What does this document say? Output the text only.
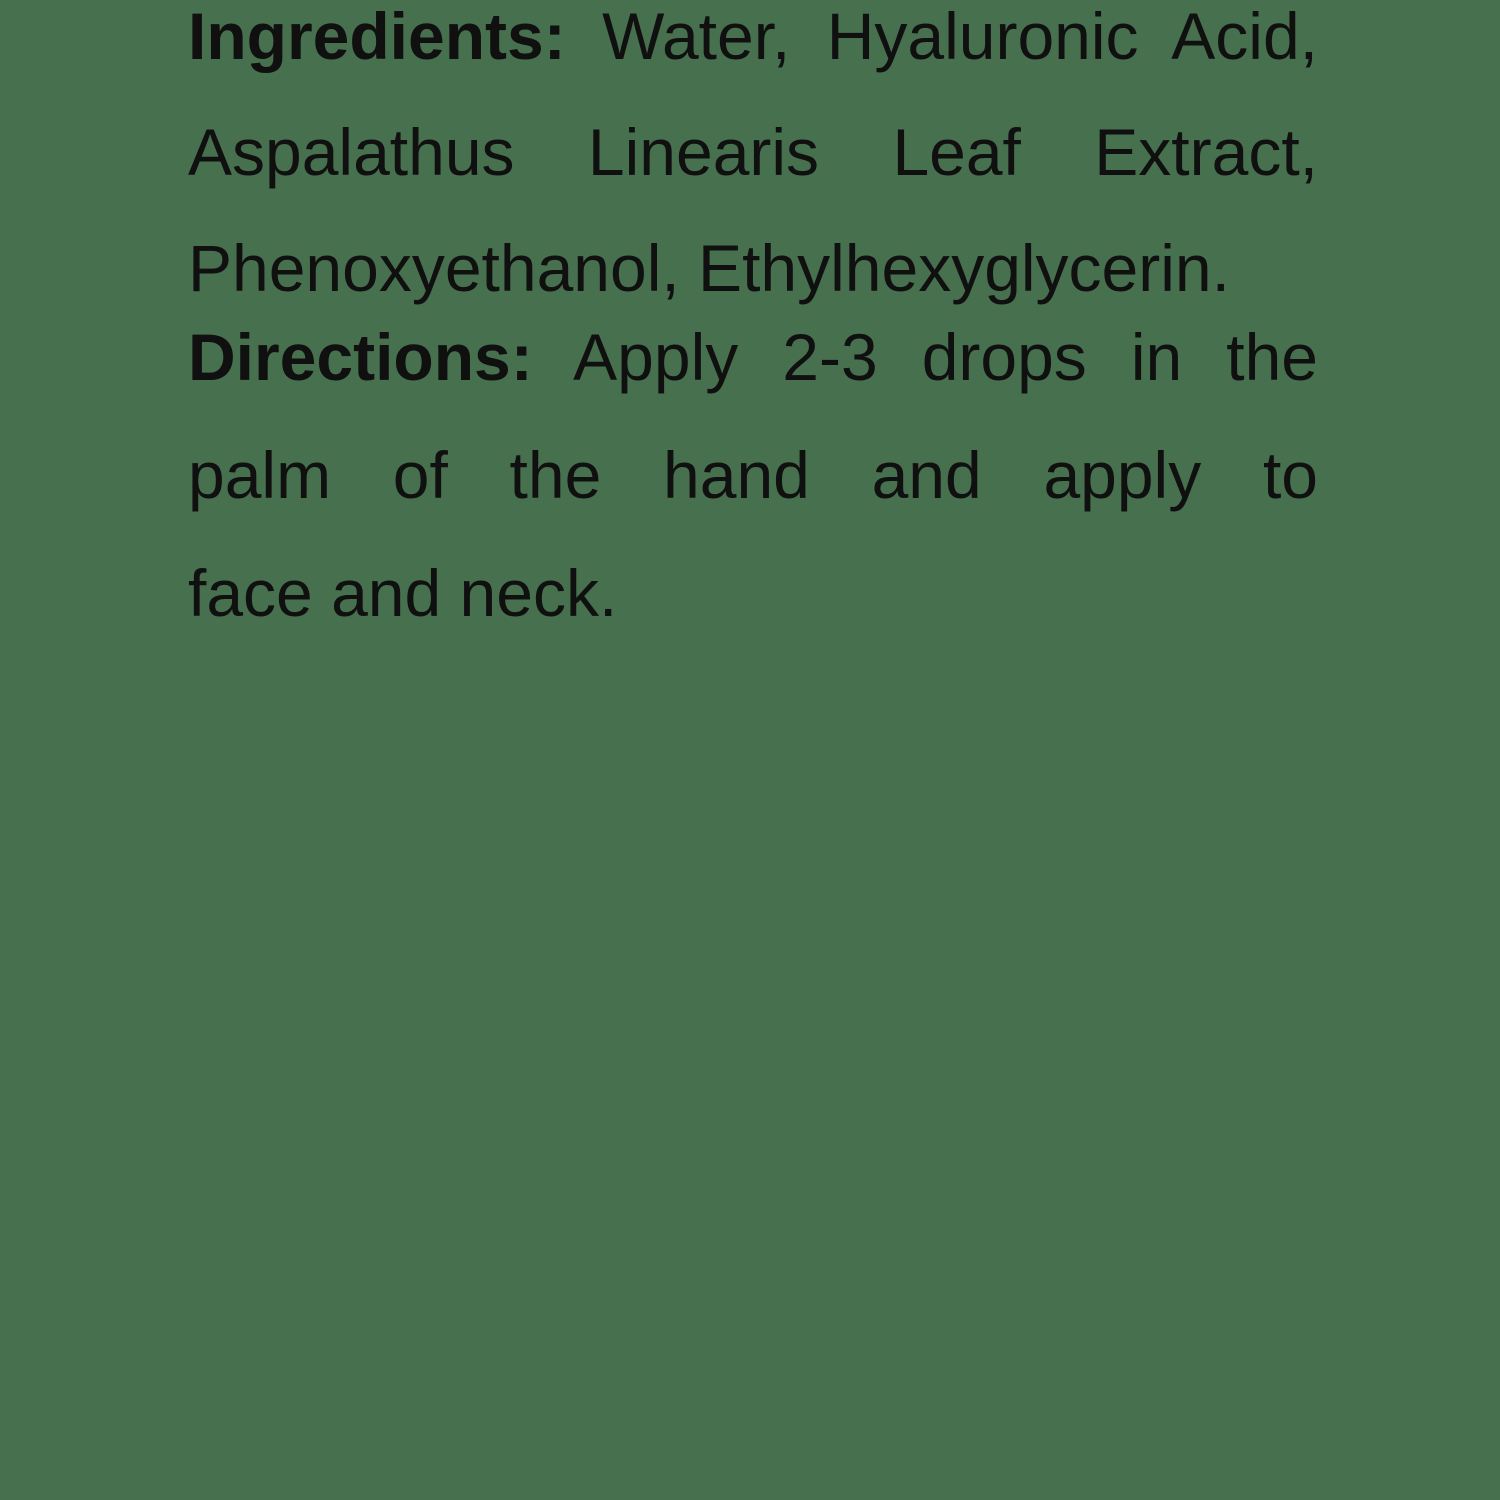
Ingredients: Water, Hyaluronic Acid,
Aspalathus Linearis Leaf Extract,
Phenoxyethanol, Ethylhexyglycerin.
Directions: Apply 2-3 drops in the
palm of the hand and apply to
face and neck.
